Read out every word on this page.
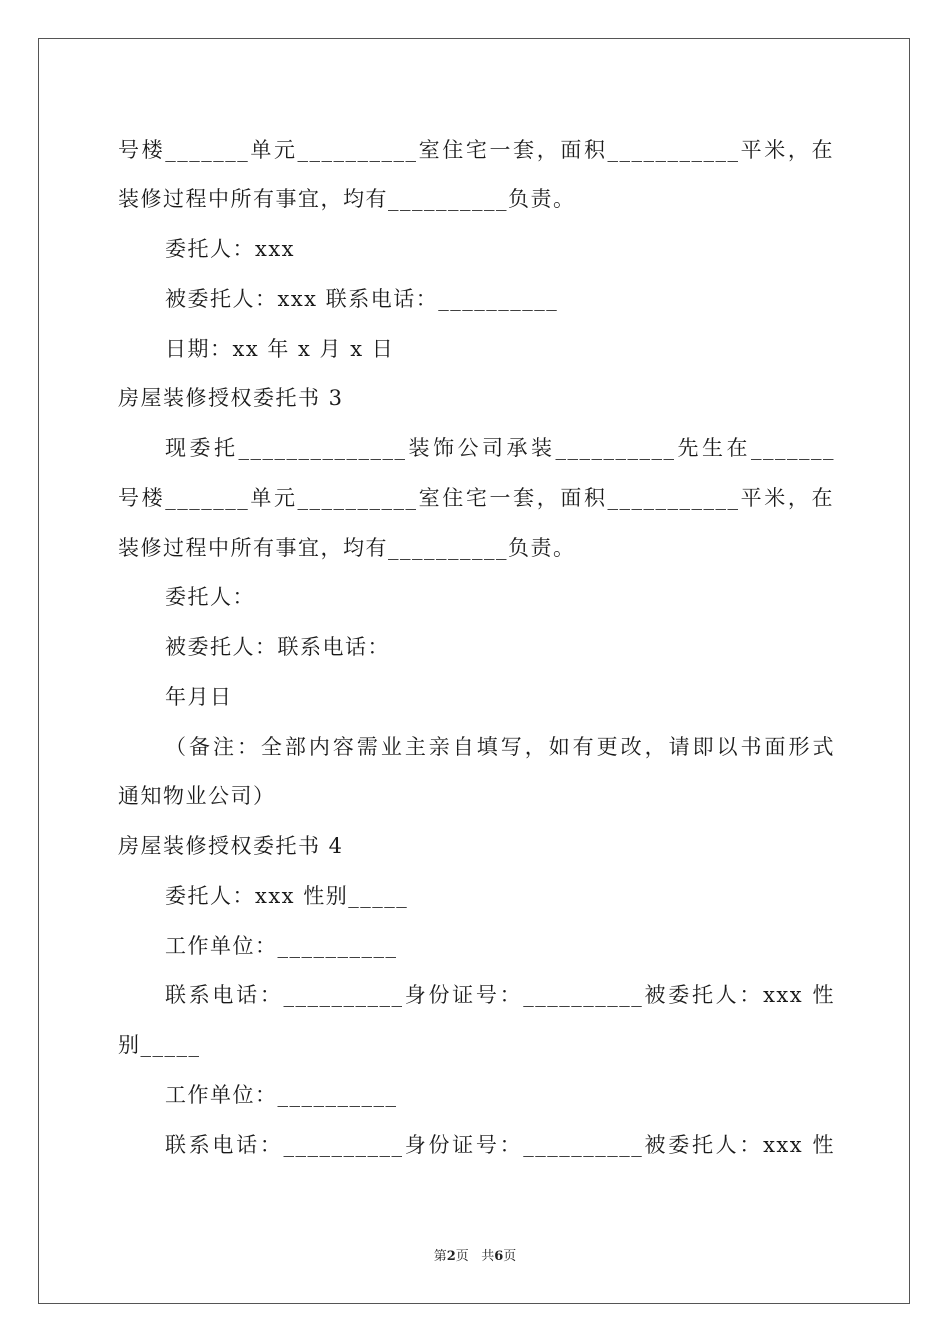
号楼_______单元__________室住宅一套，面积___________平米，在
装修过程中所有事宜，均有__________负责。
委托人：xxx
被委托人：xxx 联系电话：__________
日期：xx 年 x 月 x 日
房屋装修授权委托书 3
现委托______________装饰公司承装__________先生在_______
号楼_______单元__________室住宅一套，面积___________平米，在
装修过程中所有事宜，均有__________负责。
委托人：
被委托人：联系电话：
年月日
（备注：全部内容需业主亲自填写，如有更改，请即以书面形式
通知物业公司）
房屋装修授权委托书 4
委托人：xxx 性别_____
工作单位：__________
联系电话：__________身份证号：__________被委托人：xxx 性
别_____
工作单位：__________
联系电话：__________身份证号：__________被委托人：xxx 性
第2页 共6页
